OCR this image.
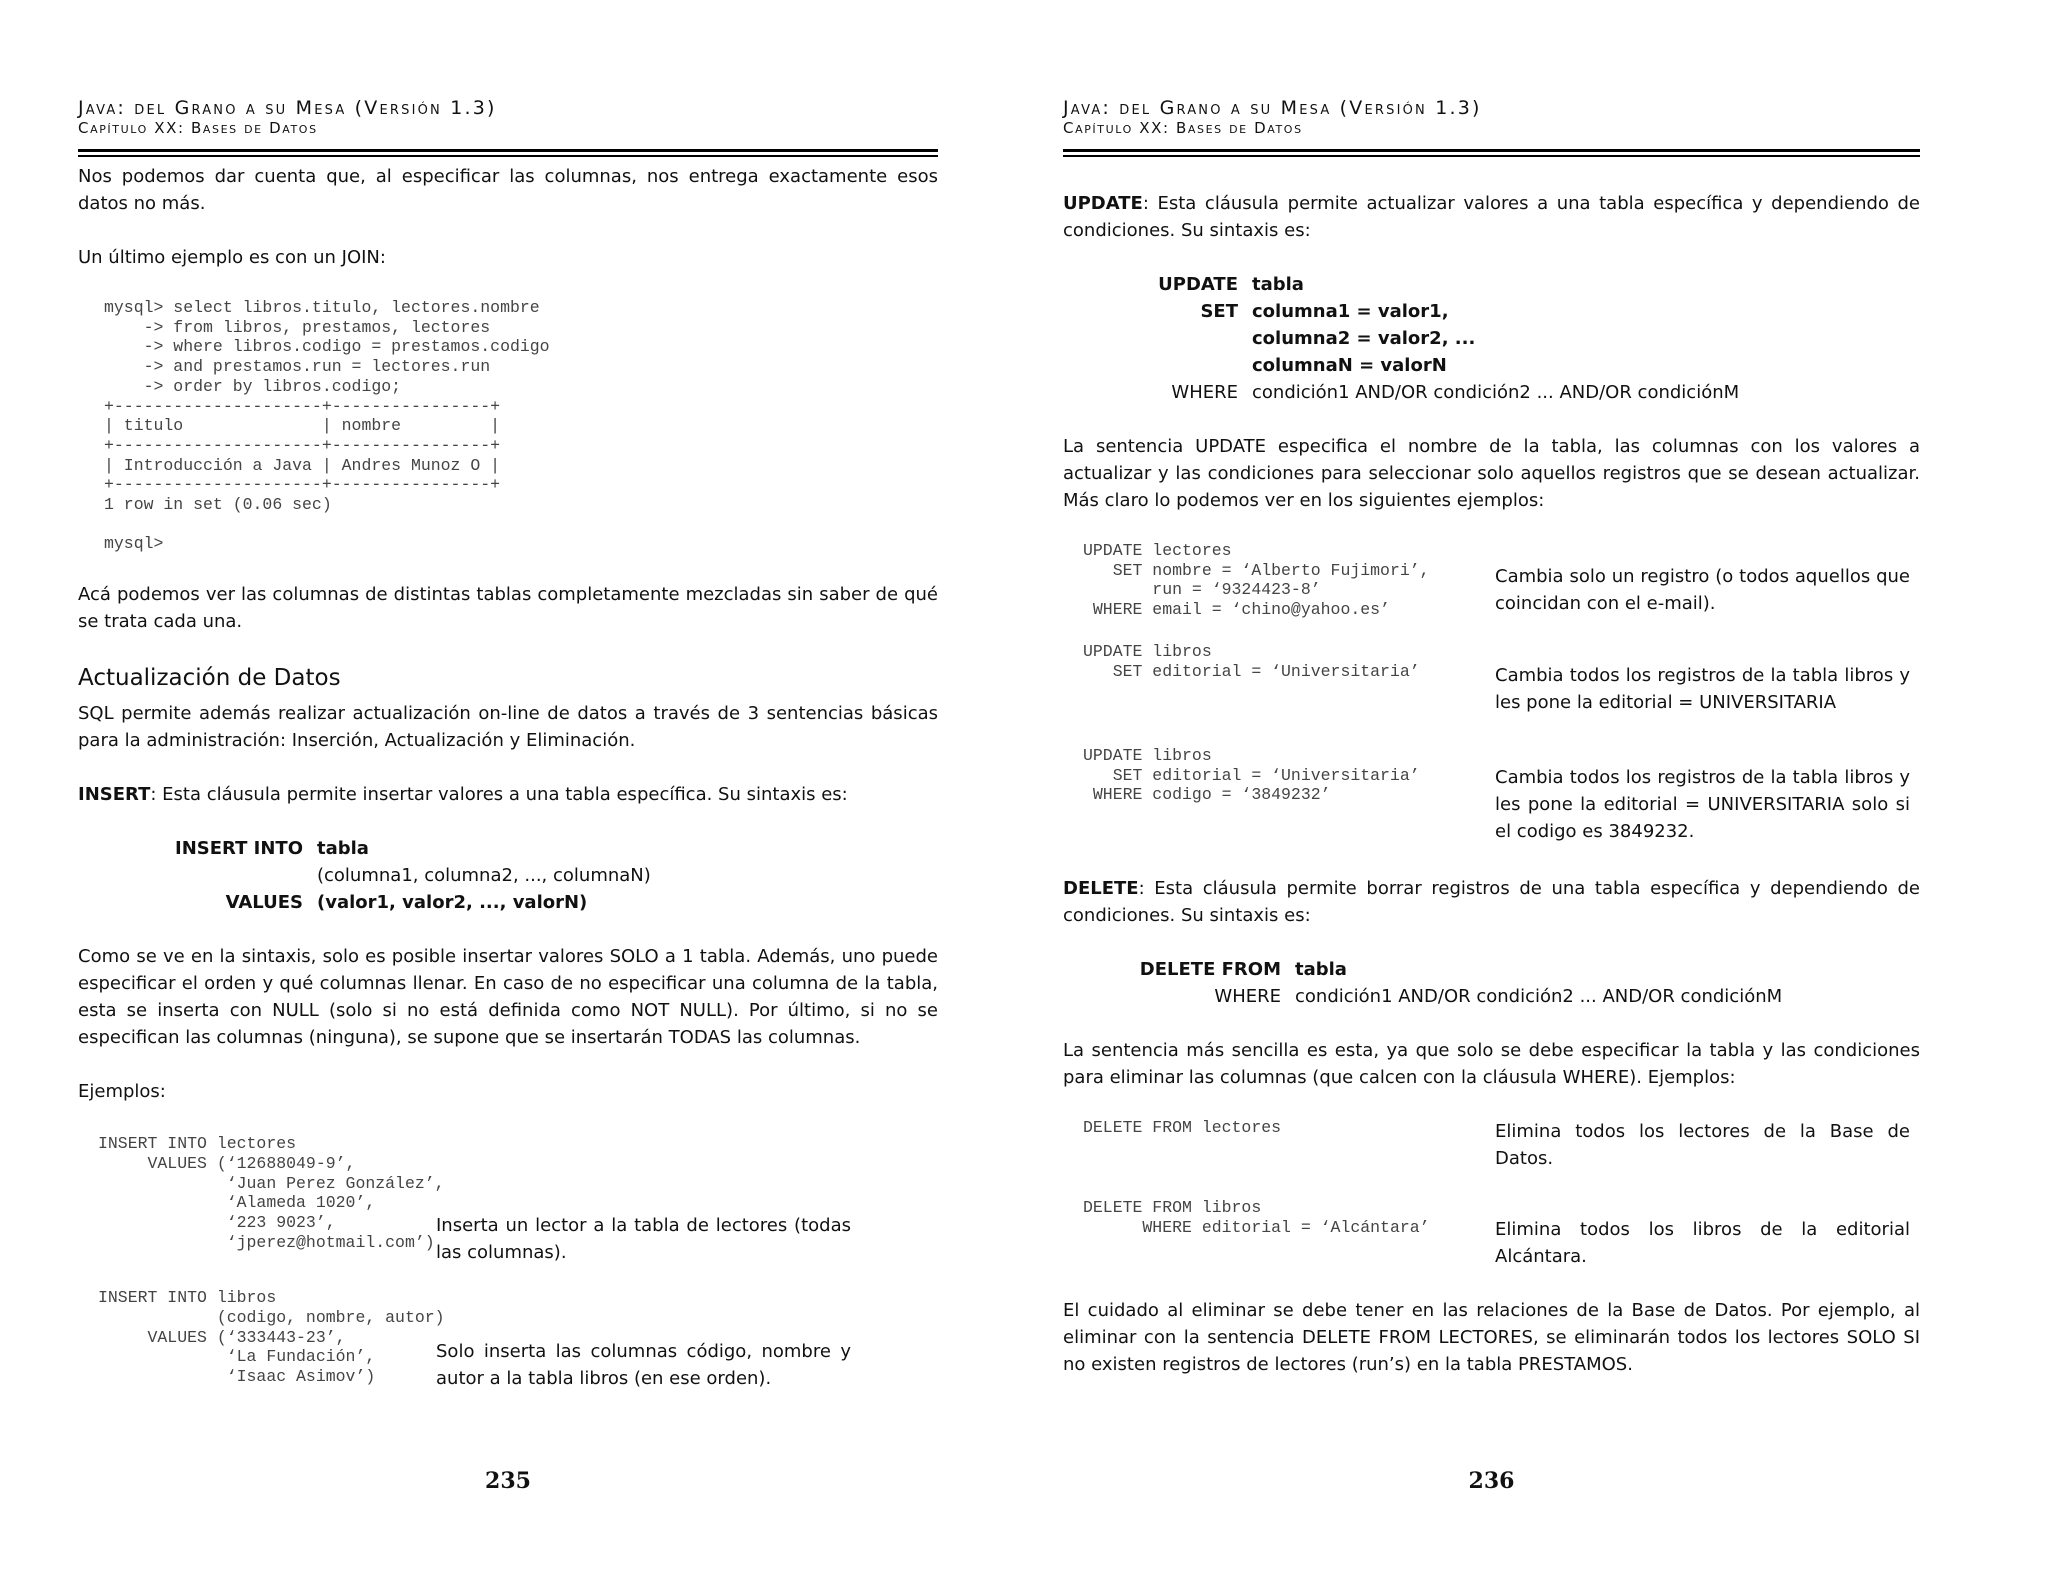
Java: del Grano a su Mesa (Versión 1.3)
Capítulo XX: Bases de Datos

Nos podemos dar cuenta que, al especificar las columnas, nos entrega exactamente esos datos no más.

Un último ejemplo es con un JOIN:

mysql> select libros.titulo, lectores.nombre
-> from libros, prestamos, lectores
-> where libros.codigo = prestamos.codigo
-> and prestamos.run = lectores.run
-> order by libros.codigo;
+---------------------+----------------+
| titulo              | nombre         |
+---------------------+----------------+
| Introducción a Java | Andres Munoz O |
+---------------------+----------------+
1 row in set (0.06 sec)

mysql>

Acá podemos ver las columnas de distintas tablas completamente mezcladas sin saber de qué se trata cada una.

Actualización de Datos

SQL permite además realizar actualización on-line de datos a través de 3 sentencias básicas para la administración: Inserción, Actualización y Eliminación.

INSERT: Esta cláusula permite insertar valores a una tabla específica. Su sintaxis es:

INSERT INTO tabla
(columna1, columna2, ..., columnaN)
VALUES (valor1, valor2, ..., valorN)

Como se ve en la sintaxis, solo es posible insertar valores SOLO a 1 tabla. Además, uno puede especificar el orden y qué columnas llenar. En caso de no especificar una columna de la tabla, esta se inserta con NULL (solo si no está definida como NOT NULL). Por último, si no se especifican las columnas (ninguna), se supone que se insertarán TODAS las columnas.

Ejemplos:

INSERT INTO lectores
VALUES (‘12688049-9’,
‘Juan Perez González’,
‘Alameda 1020’,
‘223 9023’,
‘jperez@hotmail.com’)
Inserta un lector a la tabla de lectores (todas las columnas).
INSERT INTO libros
(codigo, nombre, autor)
VALUES (‘333443-23’,
‘La Fundación’,
‘Isaac Asimov’)
Solo inserta las columnas código, nombre y autor a la tabla libros (en ese orden).
235
Java: del Grano a su Mesa (Versión 1.3)
Capítulo XX: Bases de Datos

UPDATE: Esta cláusula permite actualizar valores a una tabla específica y dependiendo de condiciones. Su sintaxis es:

UPDATE tabla
SET columna1 = valor1,
columna2 = valor2, ...
columnaN = valorN
WHERE condición1 AND/OR condición2 ... AND/OR condiciónM

La sentencia UPDATE especifica el nombre de la tabla, las columnas con los valores a actualizar y las condiciones para seleccionar solo aquellos registros que se desean actualizar. Más claro lo podemos ver en los siguientes ejemplos:

UPDATE lectores
SET nombre = ‘Alberto Fujimori’,
run = ‘9324423-8’
WHERE email = ‘chino@yahoo.es’
Cambia solo un registro (o todos aquellos que coincidan con el e-mail).
UPDATE libros
SET editorial = ‘Universitaria’	Cambia todos los registros de la tabla libros y les pone la editorial = UNIVERSITARIA
UPDATE libros
SET editorial = ‘Universitaria’
WHERE codigo = ‘3849232’
Cambia todos los registros de la tabla libros y les pone la editorial = UNIVERSITARIA solo si el codigo es 3849232.

DELETE: Esta cláusula permite borrar registros de una tabla específica y dependiendo de condiciones. Su sintaxis es:

DELETE FROM tabla
WHERE condición1 AND/OR condición2 ... AND/OR condiciónM

La sentencia más sencilla es esta, ya que solo se debe especificar la tabla y las condiciones para eliminar las columnas (que calcen con la cláusula WHERE). Ejemplos:

DELETE FROM lectores	Elimina todos los lectores de la Base de Datos.
DELETE FROM libros
WHERE editorial = ‘Alcántara’	Elimina todos los libros de la editorial Alcántara.

El cuidado al eliminar se debe tener en las relaciones de la Base de Datos. Por ejemplo, al eliminar con la sentencia DELETE FROM LECTORES, se eliminarán todos los lectores SOLO SI no existen registros de lectores (run’s) en la tabla PRESTAMOS.

236
